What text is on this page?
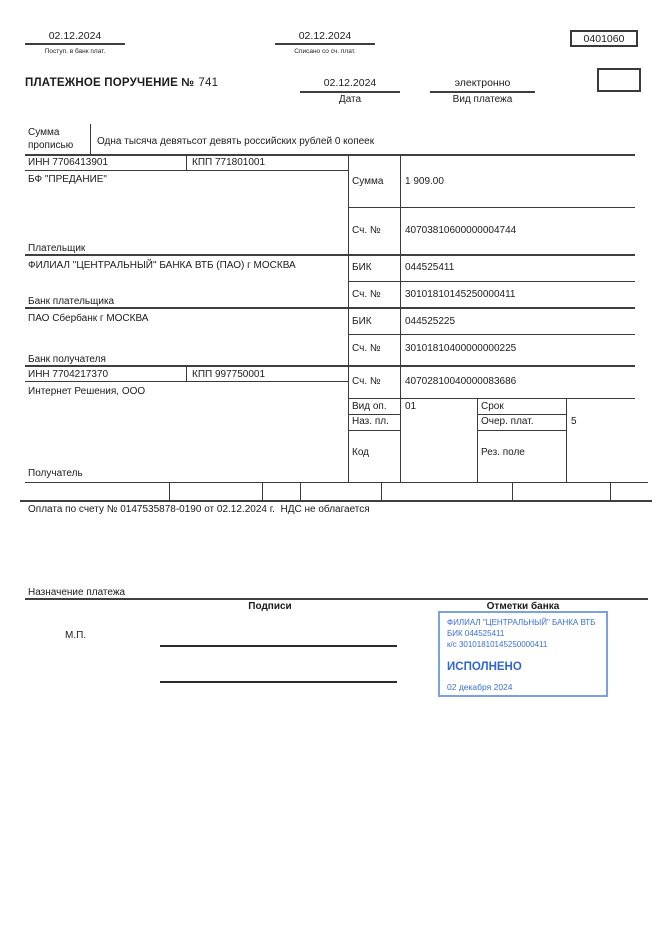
02.12.2024
Поступ. в банк плат.
02.12.2024
Списано со сч. плат.
0401060
ПЛАТЕЖНОЕ ПОРУЧЕНИЕ № 741	02.12.2024
Дата
электронно
Вид платежа
Сумма прописью	Одна тысяча девятьсот девять российских рублей 0 копеек
ИНН 7706413901	КПП 771801001
БФ "ПРЕДАНИЕ"
Плательщик
Сумма 1 909.00
Сч. № 40703810600000004744
ФИЛИАЛ "ЦЕНТРАЛЬНЫЙ" БАНКА ВТБ (ПАО) г МОСКВА
Банк плательщика
БИК	044525411
Сч. № 30101810145250000411
ПАО Сбербанк г МОСКВА
Банк получателя
БИК	044525225
Сч. № 30101810400000000225
ИНН 7704217370	КПП 997750001
Интернет Решения, ООО
Получатель
Сч. № 40702810040000083686
Вид оп. 01	Срок
Наз. пл.	Очер. плат.	5
Код	Рез. поле
Оплата по счету № 0147535878-0190 от 02.12.2024 г.  НДС не облагается
Назначение платежа
Подписи	Отметки банка
М.П.
ФИЛИАЛ "ЦЕНТРАЛЬНЫЙ" БАНКА ВТБ
БИК 044525411
к/с 30101810145250000411
ИСПОЛНЕНО
02 декабря 2024
